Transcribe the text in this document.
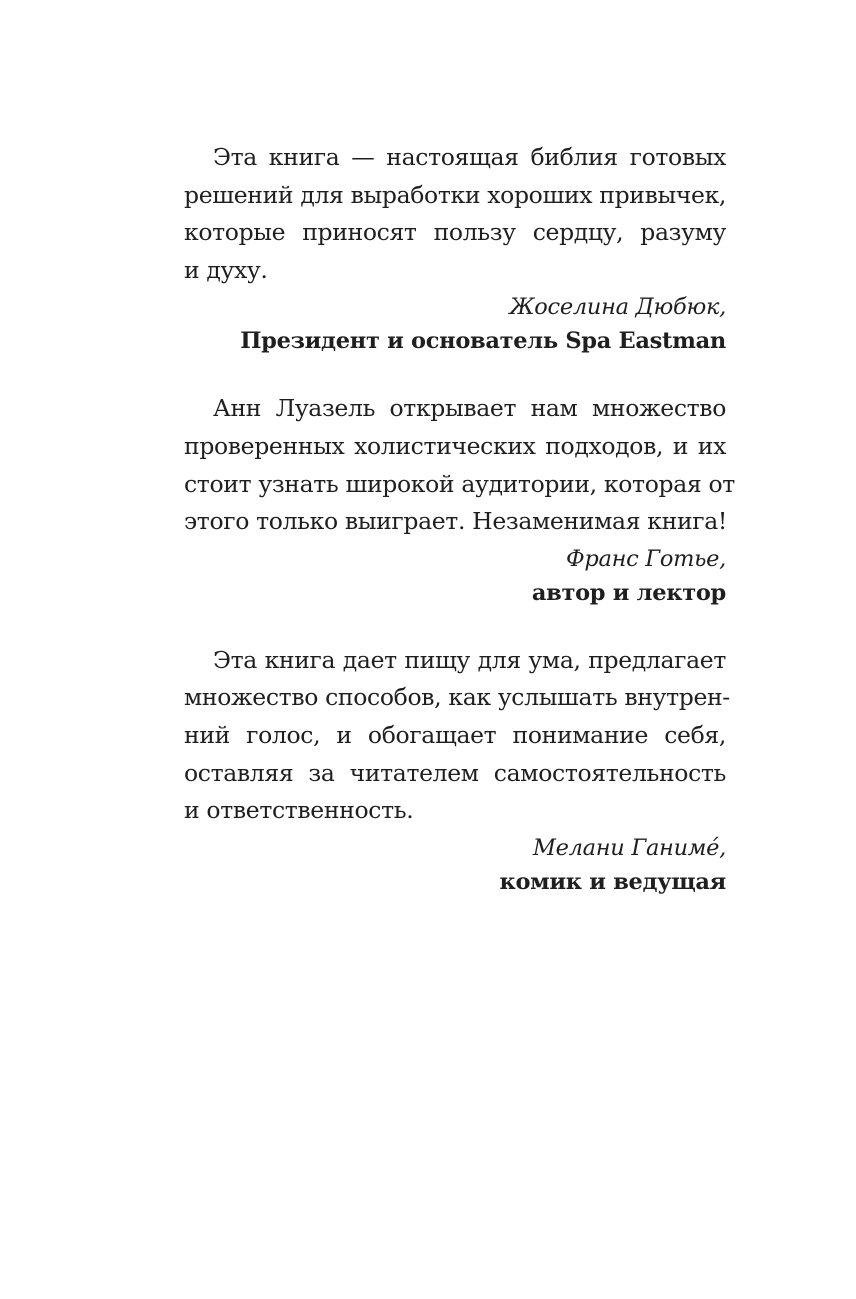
Эта книга — настоящая библия готовых
решений для выработки хороших привычек,
которые приносят пользу сердцу, разуму
и духу.

Жоселина Дюбюк,

Президент и основатель Spa Eastman

Анн Луазель открывает нам множество
проверенных холистических подходов, и их
стоит узнать широкой аудитории, которая от
этого только выиграет. Незаменимая книга!

Франс Готье,

автор и лектор

Эта книга дает пищу для ума, предлагает
множество способов, как услышать внутрен-
ний голос, и обогащает понимание себя,
оставляя за читателем самостоятельность
и ответственность.

Мелани Ганиме́,

комик и ведущая
